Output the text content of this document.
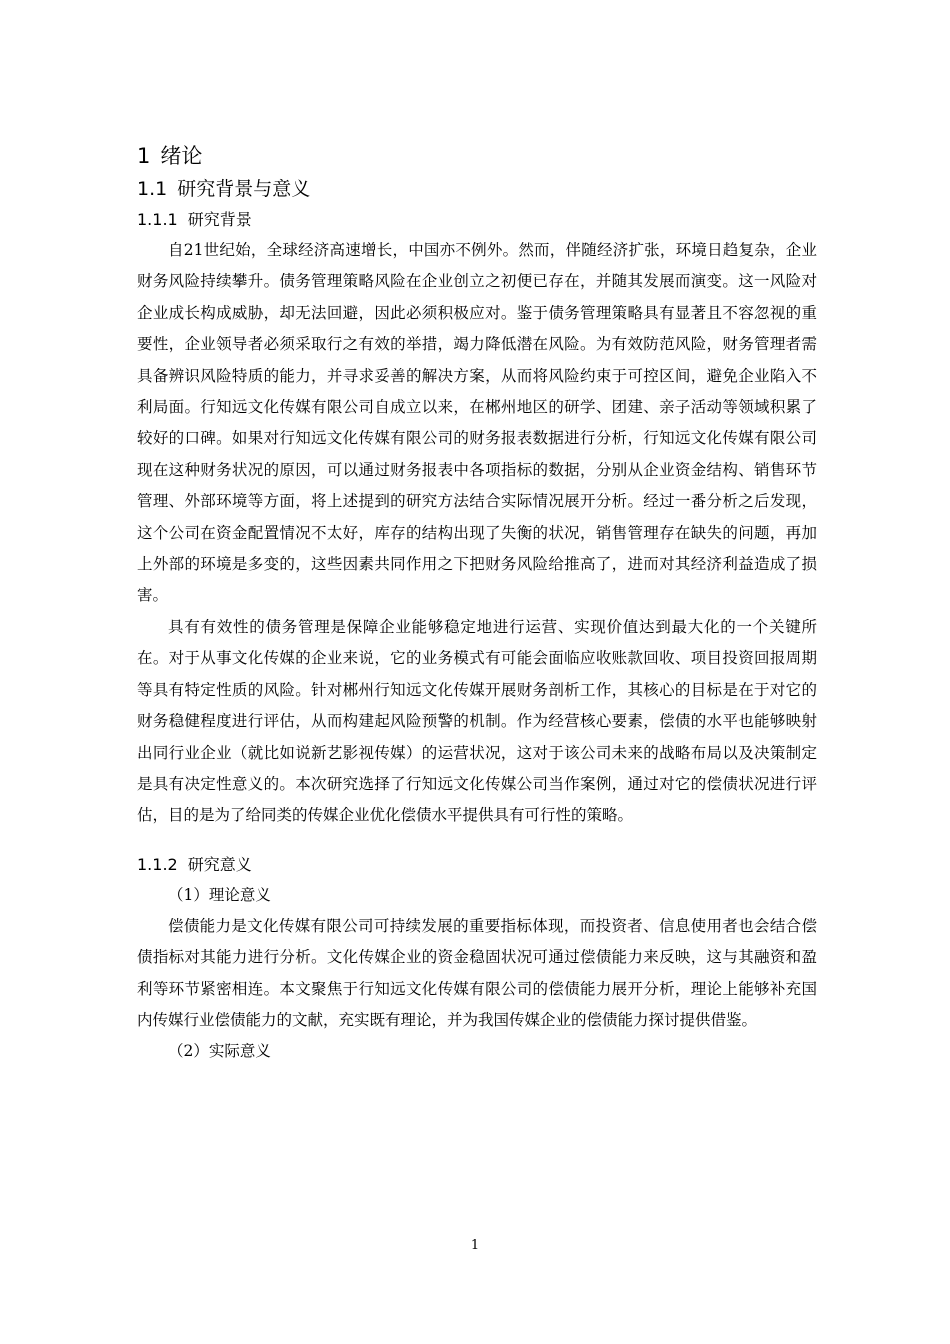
1 绪论
1.1 研究背景与意义
1.1.1 研究背景

自21世纪始，全球经济高速增长，中国亦不例外。然而，伴随经济扩张，环境日趋复杂，企业财务风险持续攀升。债务管理策略风险在企业创立之初便已存在，并随其发展而演变。这一风险对企业成长构成威胁，却无法回避，因此必须积极应对。鉴于债务管理策略具有显著且不容忽视的重要性，企业领导者必须采取行之有效的举措，竭力降低潜在风险。为有效防范风险，财务管理者需具备辨识风险特质的能力，并寻求妥善的解决方案，从而将风险约束于可控区间，避免企业陷入不利局面。行知远文化传媒有限公司自成立以来，在郴州地区的研学、团建、亲子活动等领域积累了较好的口碑。如果对行知远文化传媒有限公司的财务报表数据进行分析，行知远文化传媒有限公司现在这种财务状况的原因，可以通过财务报表中各项指标的数据，分别从企业资金结构、销售环节管理、外部环境等方面，将上述提到的研究方法结合实际情况展开分析。经过一番分析之后发现，这个公司在资金配置情况不太好，库存的结构出现了失衡的状况，销售管理存在缺失的问题，再加上外部的环境是多变的，这些因素共同作用之下把财务风险给推高了，进而对其经济利益造成了损害。

具有有效性的债务管理是保障企业能够稳定地进行运营、实现价值达到最大化的一个关键所在。对于从事文化传媒的企业来说，它的业务模式有可能会面临应收账款回收、项目投资回报周期等具有特定性质的风险。针对郴州行知远文化传媒开展财务剖析工作，其核心的目标是在于对它的财务稳健程度进行评估，从而构建起风险预警的机制。作为经营核心要素，偿债的水平也能够映射出同行业企业（就比如说新艺影视传媒）的运营状况，这对于该公司未来的战略布局以及决策制定是具有决定性意义的。本次研究选择了行知远文化传媒公司当作案例，通过对它的偿债状况进行评估，目的是为了给同类的传媒企业优化偿债水平提供具有可行性的策略。

1.1.2 研究意义

（1）理论意义

偿债能力是文化传媒有限公司可持续发展的重要指标体现，而投资者、信息使用者也会结合偿债指标对其能力进行分析。文化传媒企业的资金稳固状况可通过偿债能力来反映，这与其融资和盈利等环节紧密相连。本文聚焦于行知远文化传媒有限公司的偿债能力展开分析，理论上能够补充国内传媒行业偿债能力的文献，充实既有理论，并为我国传媒企业的偿债能力探讨提供借鉴。

（2）实际意义

1
